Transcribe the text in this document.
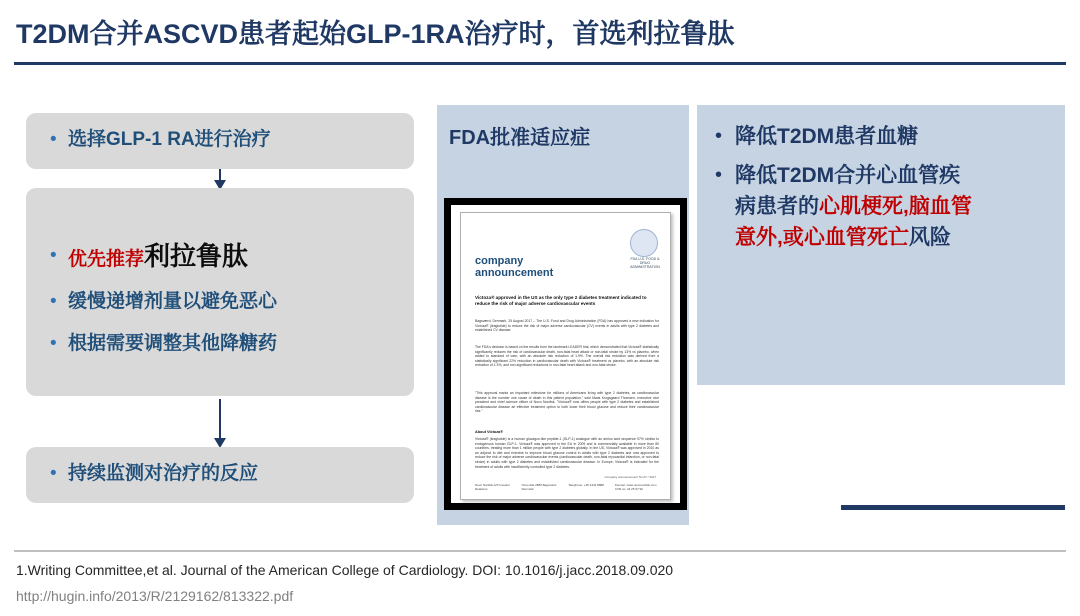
T2DM合并ASCVD患者起始GLP-1RA治疗时，首选利拉鲁肽
• 选择GLP-1 RA进行治疗
• 优先推荐利拉鲁肽
• 缓慢递增剂量以避免恶心
• 根据需要调整其他降糖药
• 持续监测对治疗的反应
FDA批准适应症
FDA U.S. FOOD & DRUG ADMINISTRATION
company
announcement
Victoza® approved in the US as the only type 2 diabetes treatment indicated to reduce the risk of major adverse cardiovascular events
Bagsværd, Denmark, 25 August 2017 – The U.S. Food and Drug Administration (FDA) has approved a new indication for Victoza® (liraglutide) to reduce the risk of major adverse cardiovascular (CV) events in adults with type 2 diabetes and established CV disease.
The FDA's decision is based on the results from the landmark LEADER trial, which demonstrated that Victoza® statistically significantly reduces the risk of cardiovascular death, non-fatal heart attack or non-fatal stroke by 13% vs placebo, when added to standard of care, with an absolute risk reduction of 1.9%. The overall risk reduction was derived from a statistically significant 22% reduction in cardiovascular death with Victoza® treatment vs placebo, with an absolute risk reduction of 1.3%, and non-significant reductions in non-fatal heart attack and non-fatal stroke.
"This approval marks an important milestone for millions of Americans living with type 2 diabetes, as cardiovascular disease is the number one cause of death in this patient population," said Mads Krogsgaard Thomsen, executive vice president and chief science officer of Novo Nordisk. "Victoza® now offers people with type 2 diabetes and established cardiovascular disease an effective treatment option to both lower their blood glucose and reduce their cardiovascular risk."
About Victoza®
Victoza® (liraglutide) is a human glucagon-like peptide-1 (GLP-1) analogue with an amino acid sequence 97% similar to endogenous human GLP-1. Victoza® was approved in the EU in 2009 and is commercially available in more than 80 countries, treating more than 1 million people with type 2 diabetes globally. In the US, Victoza® was approved in 2010 as an adjunct to diet and exercise to improve blood glucose control in adults with type 2 diabetes and now approved to reduce the risk of major adverse cardiovascular events (cardiovascular death, non-fatal myocardial infarction, or non-fatal stroke) in adults with type 2 diabetes and established cardiovascular disease. In Europe, Victoza® is indicated for the treatment of adults with insufficiently controlled type 2 diabetes.
Company announcement No 67 / 2017
Novo Nordisk A/S Investor Relations
Novo Allé 2880 Bagsværd Denmark
Telephone: +45 4444 8888	Internet: www.novonordisk.com CVR no: 24 25 67 90
• 降低T2DM患者血糖
• 降低T2DM合并心血管疾
病患者的心肌梗死,脑血管
意外,或心血管死亡风险
1.Writing Committee,et al. Journal of the American College of Cardiology. DOI: 10.1016/j.jacc.2018.09.020
http://hugin.info/2013/R/2129162/813322.pdf
